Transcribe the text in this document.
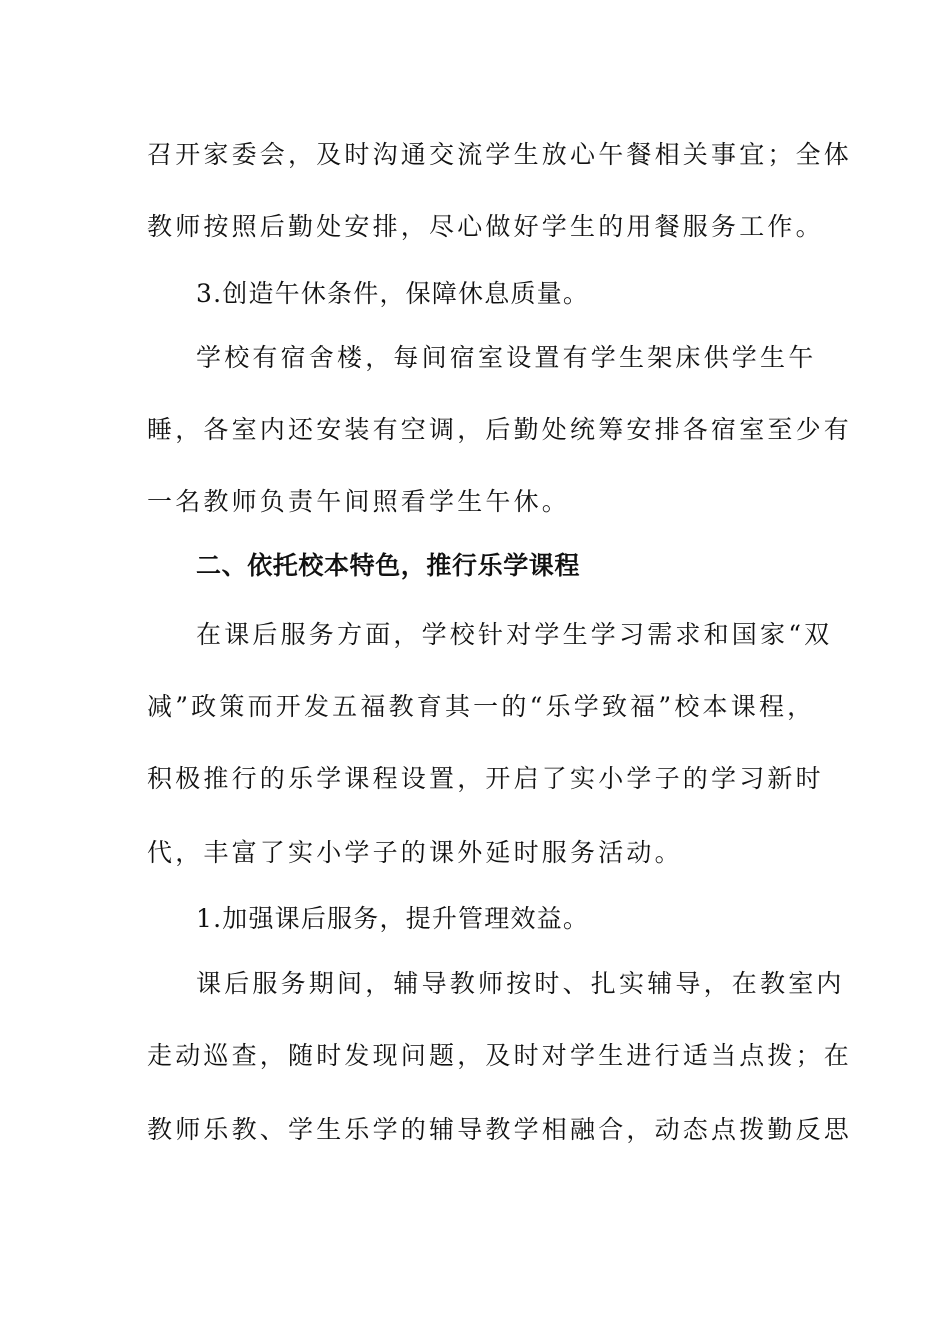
召开家委会，及时沟通交流学生放心午餐相关事宜；全体
教师按照后勤处安排，尽心做好学生的用餐服务工作。
3.创造午休条件，保障休息质量。
学校有宿舍楼，每间宿室设置有学生架床供学生午
睡，各室内还安装有空调，后勤处统筹安排各宿室至少有
一名教师负责午间照看学生午休。
二、依托校本特色，推行乐学课程
在课后服务方面，学校针对学生学习需求和国家“双
减”政策而开发五福教育其一的“乐学致福”校本课程，
积极推行的乐学课程设置，开启了实小学子的学习新时
代，丰富了实小学子的课外延时服务活动。
1.加强课后服务，提升管理效益。
课后服务期间，辅导教师按时、扎实辅导，在教室内
走动巡查，随时发现问题，及时对学生进行适当点拨；在
教师乐教、学生乐学的辅导教学相融合，动态点拨勤反思
